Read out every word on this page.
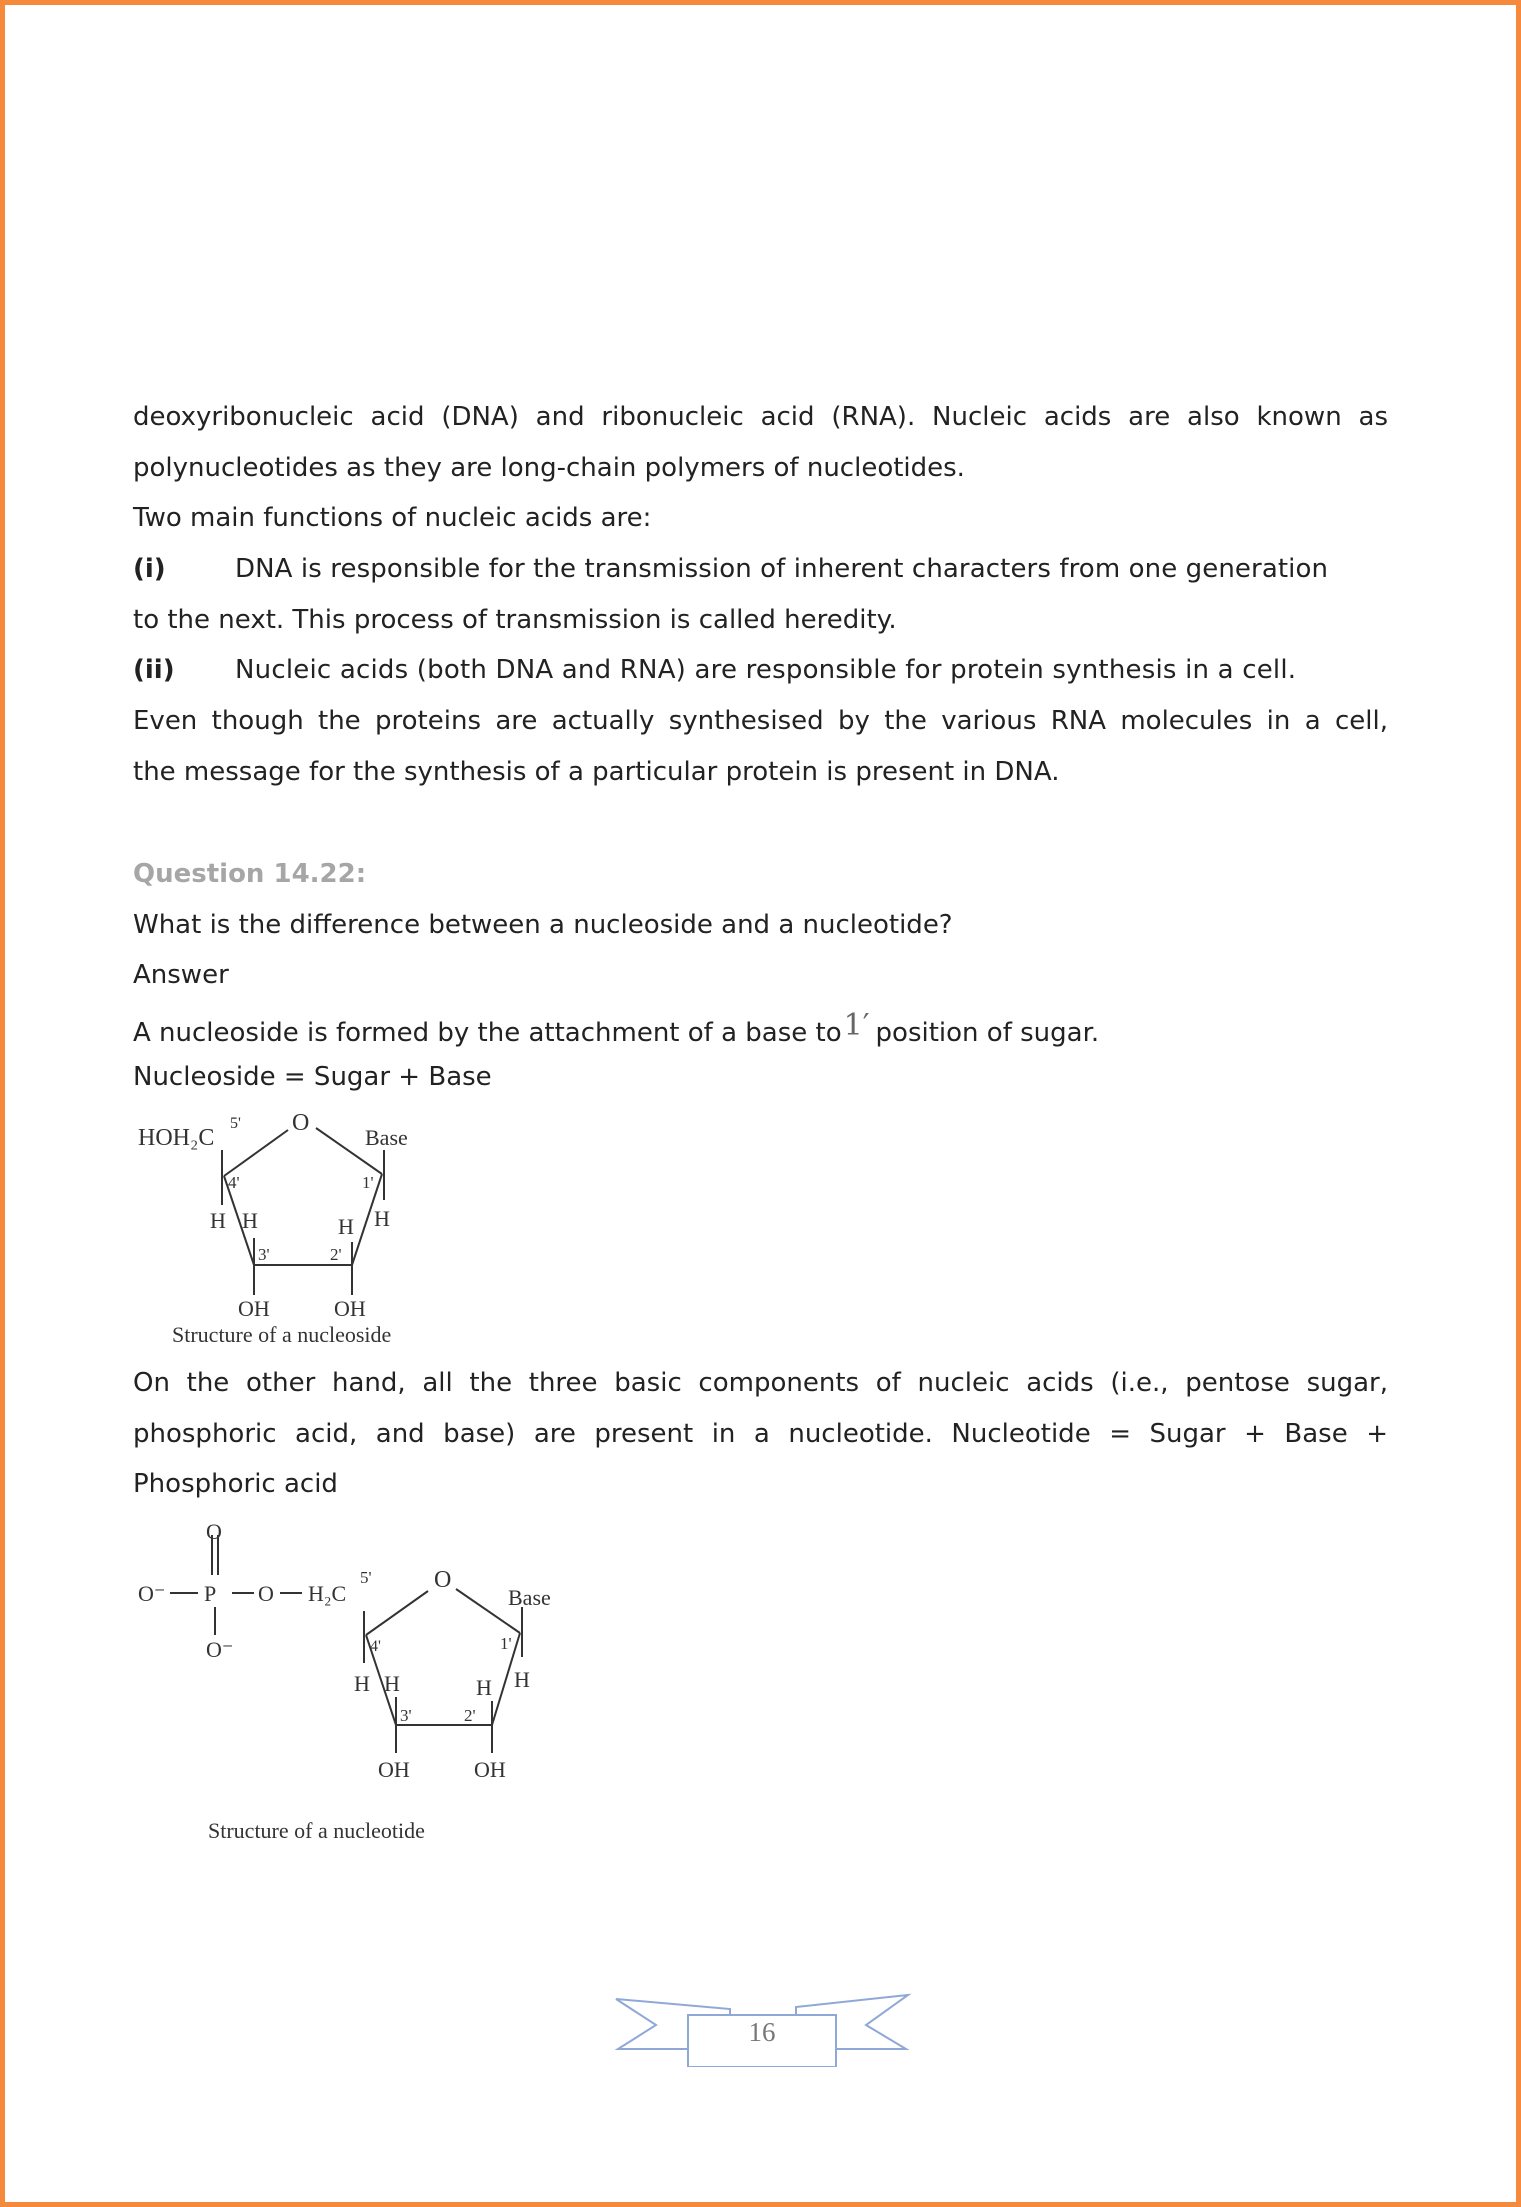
deoxyribonucleic acid (DNA) and ribonucleic acid (RNA). Nucleic acids are also known as
polynucleotides as they are long-chain polymers of nucleotides.
Two main functions of nucleic acids are:
(i)	DNA is responsible for the transmission of inherent characters from one generation
to the next. This process of transmission is called heredity.
(ii) Nucleic acids (both DNA and RNA) are responsible for protein synthesis in a cell.
Even though the proteins are actually synthesised by the various RNA molecules in a cell,
the message for the synthesis of a particular protein is present in DNA.
Question 14.22:
What is the difference between a nucleoside and a nucleotide?
Answer
A nucleoside is formed by the attachment of a base to1′ position of sugar.
Nucleoside = Sugar + Base
HOH₂C
5' O
Base
4'	1'
H H	H H
3'	2'
OH	OH
Structure of a nucleoside
On the other hand, all the three basic components of nucleic acids (i.e., pentose sugar,
phosphoric acid, and base) are present in a nucleotide. Nucleotide = Sugar + Base +
Phosphoric acid
O⁻ P
O
O⁻
O H₂C
5'	O
Base
4'	1'
H H	H H
3'	2'
OH	OH
Structure of a nucleotide
16
